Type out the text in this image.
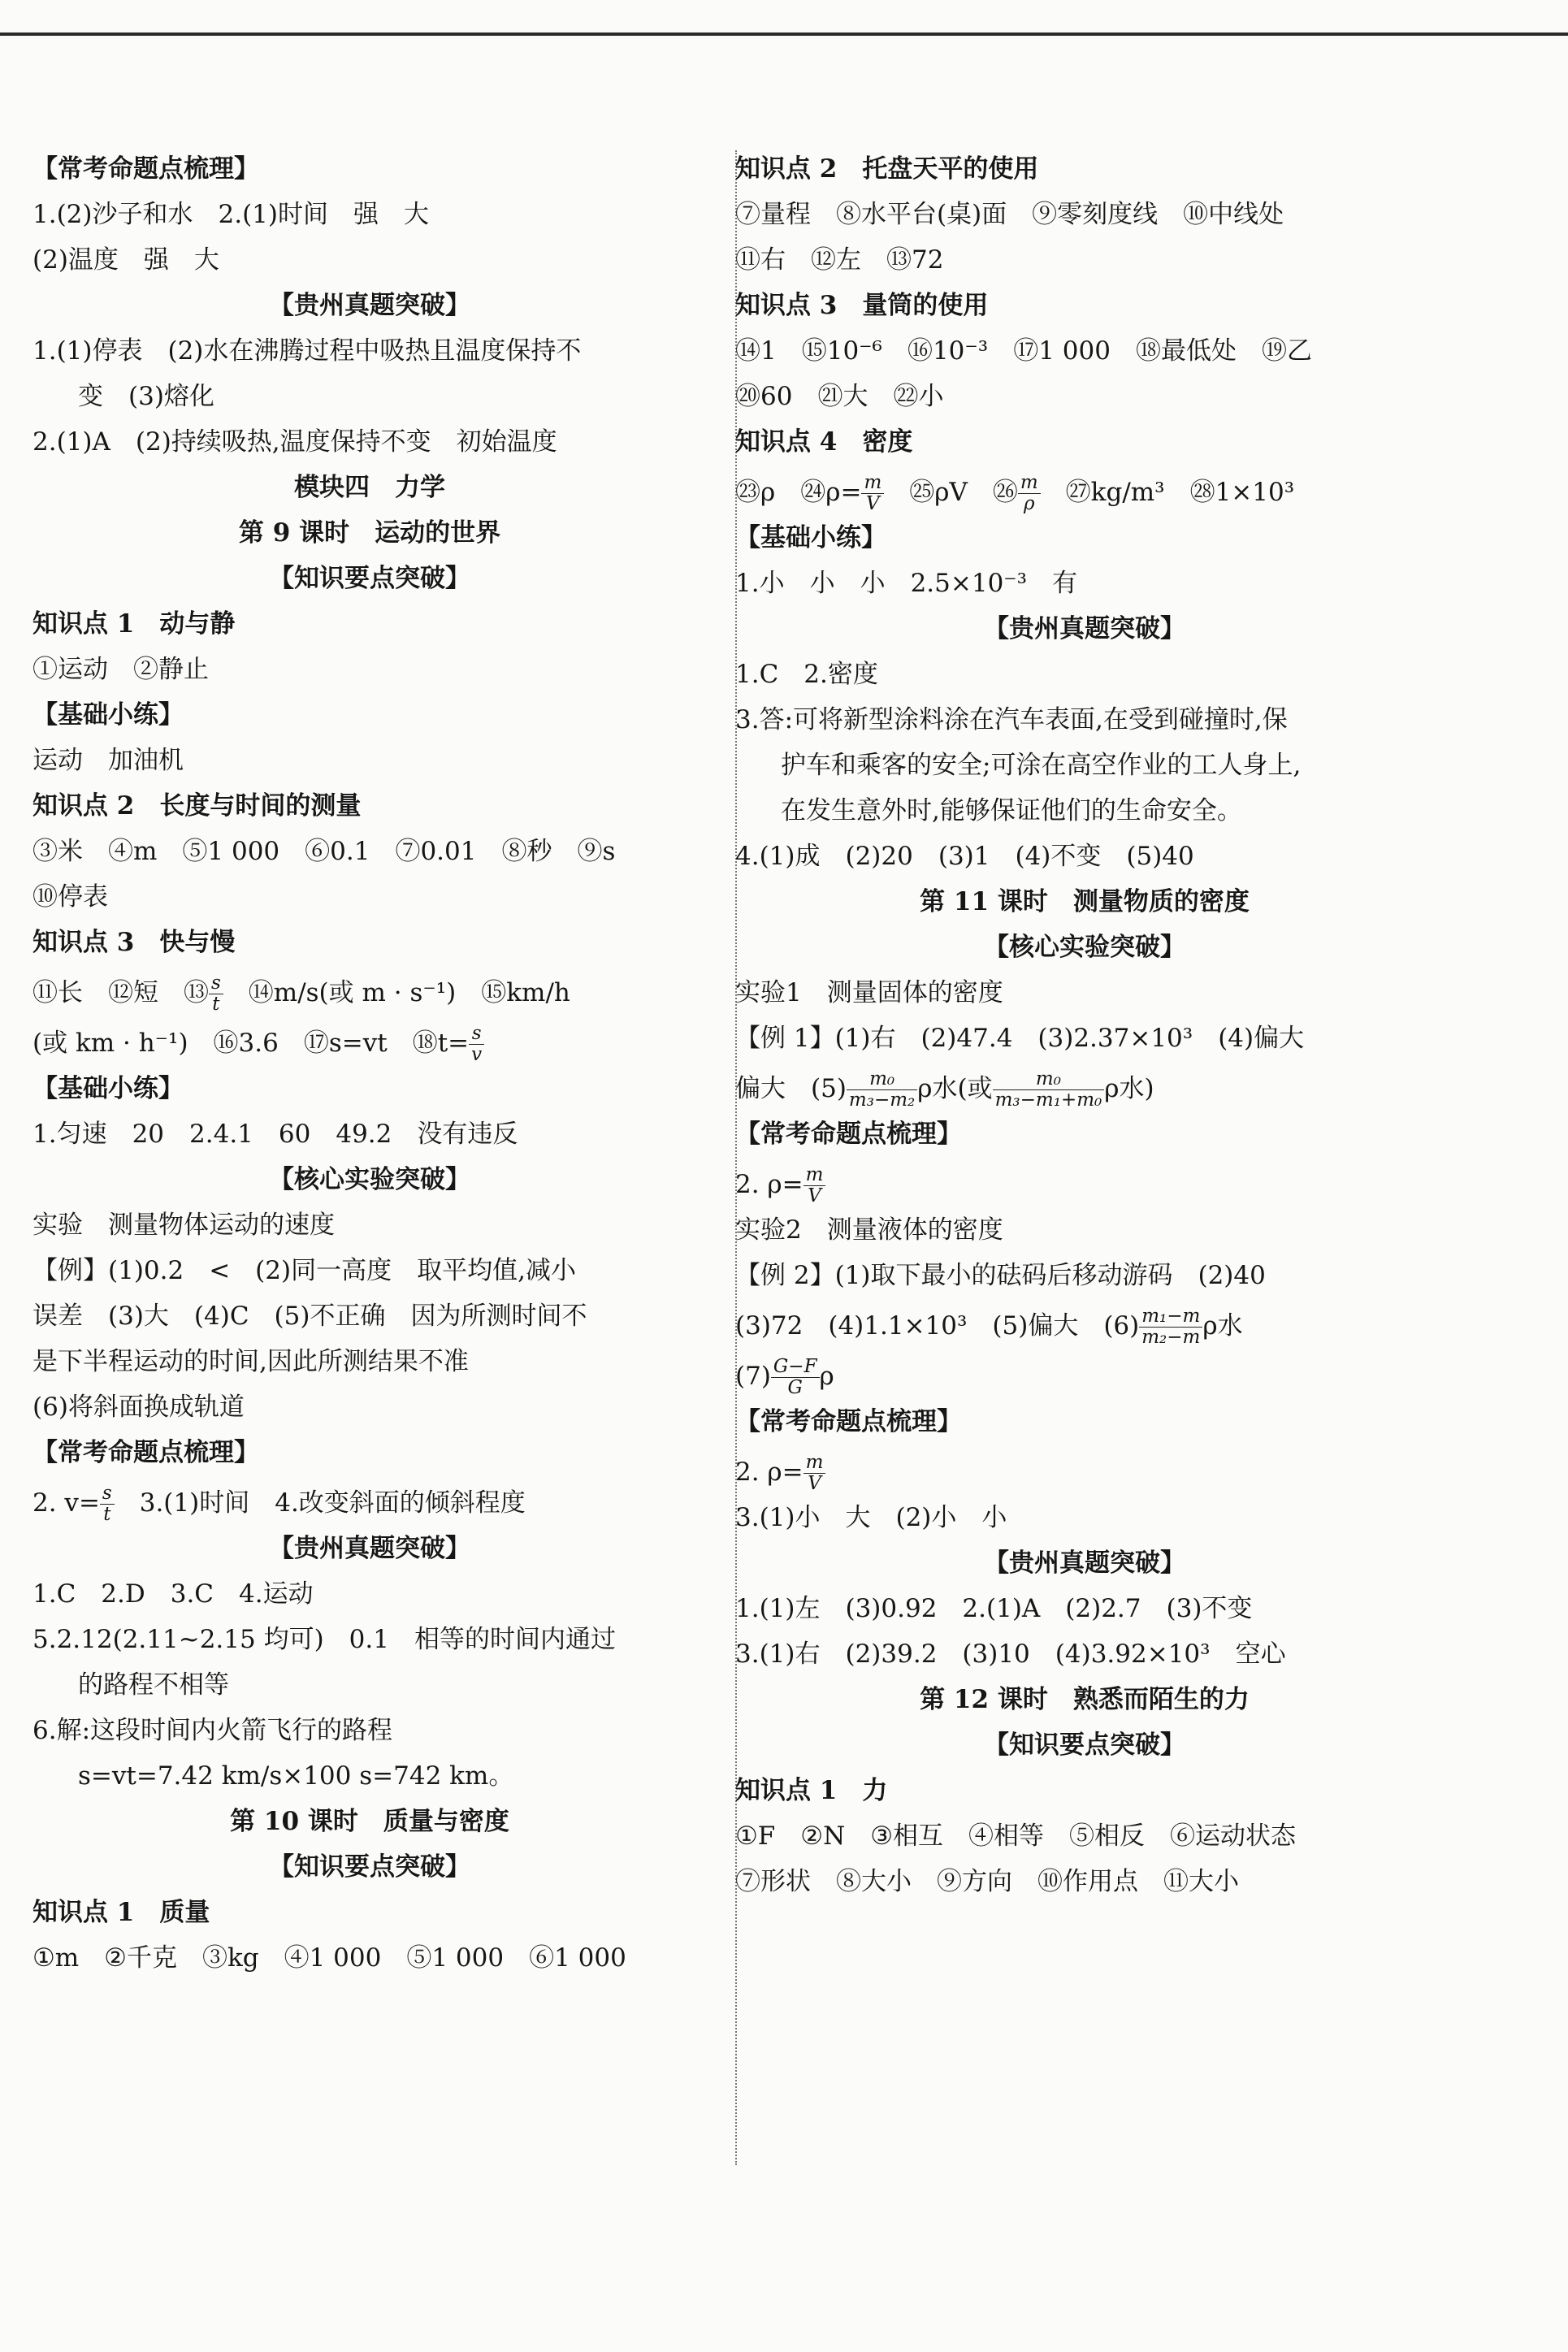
【常考命题点梳理】
1.(2)沙子和水　2.(1)时间　强　大
(2)温度　强　大
【贵州真题突破】
1.(1)停表　(2)水在沸腾过程中吸热且温度保持不
变　(3)熔化
2.(1)A　(2)持续吸热,温度保持不变　初始温度
模块四　力学
第 9 课时　运动的世界
【知识要点突破】
知识点 1　动与静
①运动　②静止
【基础小练】
运动　加油机
知识点 2　长度与时间的测量
③米　④m　⑤1 000　⑥0.1　⑦0.01　⑧秒　⑨s
⑩停表
知识点 3　快与慢
⑪长　⑫短　⑬ $\frac{s}{t}$ 　⑭m/s(或 m · s⁻¹)　⑮km/h
(或 km · h⁻¹)　⑯3.6　⑰s=vt　⑱t= $\frac{s}{v}$
【基础小练】
1.匀速　20　2.4.1　60　49.2　没有违反
【核心实验突破】
实验　测量物体运动的速度
【例】(1)0.2　<　(2)同一高度　取平均值,减小
误差　(3)大　(4)C　(5)不正确　因为所测时间不
是下半程运动的时间,因此所测结果不准
(6)将斜面换成轨道
【常考命题点梳理】
2. $v= \frac{s}{t}$ 　3.(1)时间　4.改变斜面的倾斜程度
【贵州真题突破】
1.C　2.D　3.C　4.运动
5.2.12(2.11~2.15 均可)　0.1　相等的时间内通过
的路程不相等
6.解:这段时间内火箭飞行的路程
s=vt=7.42 km/s×100 s=742 km。
第 10 课时　质量与密度
【知识要点突破】
知识点 1　质量
①m　②千克　③kg　④1 000　⑤1 000　⑥1 000
知识点 2　托盘天平的使用
⑦量程　⑧水平台(桌)面　⑨零刻度线　⑩中线处
⑪右　⑫左　⑬72
知识点 3　量筒的使用
⑭1　⑮10⁻⁶　⑯10⁻³　⑰1 000　⑱最低处　⑲乙
⑳60　㉑大　㉒小
知识点 4　密度
㉓ρ　㉔ρ= $\frac{m}{V}$ 　㉕ρV　㉖ $\frac{m}{\rho}$ 　㉗kg/m³　㉘1×10³
【基础小练】
1.小　小　小　2.5×10⁻³　有
【贵州真题突破】
1.C　2.密度
3.答:可将新型涂料涂在汽车表面,在受到碰撞时,保
护车和乘客的安全;可涂在高空作业的工人身上,
在发生意外时,能够保证他们的生命安全。
4.(1)成　(2)20　(3)1　(4)不变　(5)40
第 11 课时　测量物质的密度
【核心实验突破】
实验1　测量固体的密度
【例 1】(1)右　(2)47.4　(3)2.37×10³　(4)偏大
偏大　$(5) \frac{\text{m₀}}{\text{m₃−m₂}}$ ρ水(或 $\frac{\text{m₀}}{\text{m₃−m₁+m₀}}$ ρ水)
【常考命题点梳理】
2. $\rho= \frac{m}{V}$
实验2　测量液体的密度
【例 2】(1)取下最小的砝码后移动游码　(2)40
(3)72　(4)1.1×10³　(5)偏大　$(6) \frac{\text{m₁−m}}{\text{m₂−m}}$ ρ水
$(7) \frac{G-F}{G}$ ρ
【常考命题点梳理】
2. $\rho= \frac{m}{V}$
3.(1)小　大　(2)小　小
【贵州真题突破】
1.(1)左　(3)0.92　2.(1)A　(2)2.7　(3)不变
3.(1)右　(2)39.2　(3)10　(4)3.92×10³　空心
第 12 课时　熟悉而陌生的力
【知识要点突破】
知识点 1　力
①F　②N　③相互　④相等　⑤相反　⑥运动状态
⑦形状　⑧大小　⑨方向　⑩作用点　⑪大小
